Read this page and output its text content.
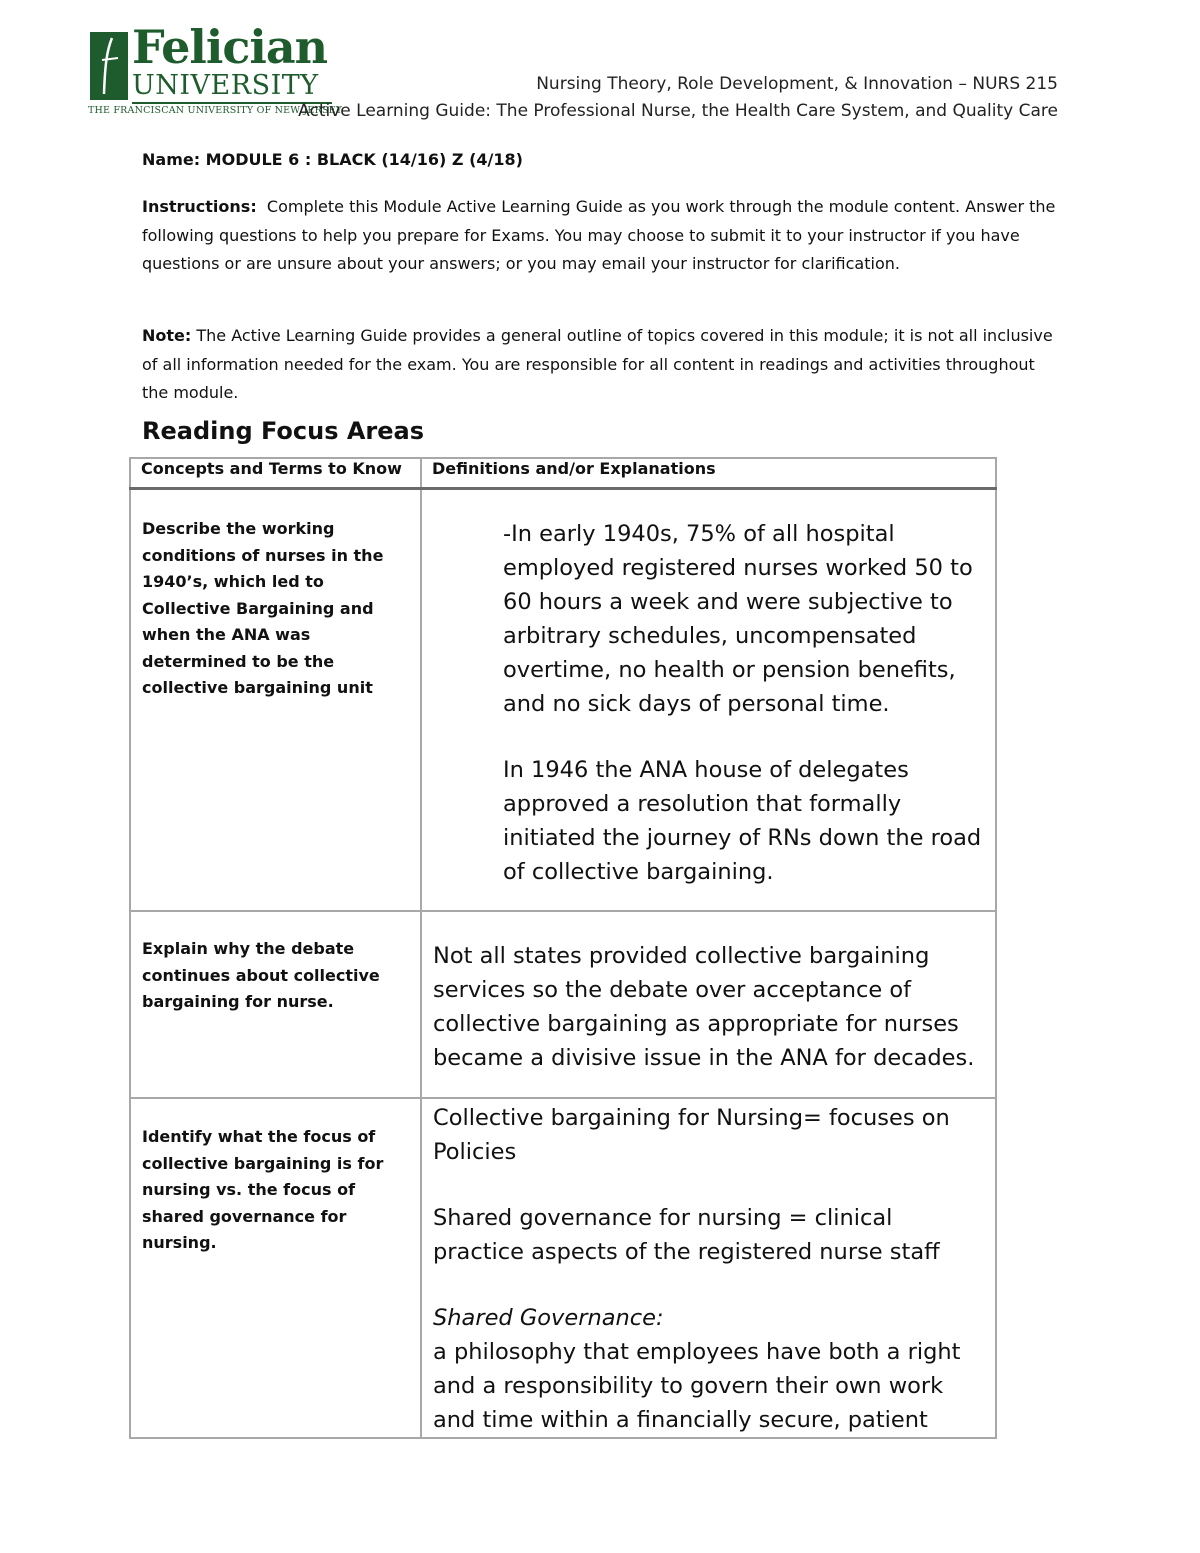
Felician
UNIVERSITY
THE FRANCISCAN UNIVERSITY OF NEW JERSEY
Nursing Theory, Role Development, & Innovation – NURS 215
Active Learning Guide: The Professional Nurse, the Health Care System, and Quality Care
Name: MODULE 6 : BLACK (14/16) Z (4/18)
Instructions: Complete this Module Active Learning Guide as you work through the module content. Answer the following questions to help you prepare for Exams. You may choose to submit it to your instructor if you have questions or are unsure about your answers; or you may email your instructor for clarification.
Note: The Active Learning Guide provides a general outline of topics covered in this module; it is not all inclusive of all information needed for the exam. You are responsible for all content in readings and activities throughout the module.
Reading Focus Areas
Concepts and Terms to Know	Definitions and/or Explanations

Describe the working conditions of nurses in the 1940’s, which led to Collective Bargaining and when the ANA was determined to be the collective bargaining unit	-In early 1940s, 75% of all hospital employed registered nurses worked 50 to 60 hours a week and were subjective to arbitrary schedules, uncompensated overtime, no health or pension benefits, and no sick days of personal time.

In 1946 the ANA house of delegates approved a resolution that formally initiated the journey of RNs down the road of collective bargaining.

Explain why the debate continues about collective bargaining for nurse.	Not all states provided collective bargaining services so the debate over acceptance of collective bargaining as appropriate for nurses became a divisive issue in the ANA for decades.

Identify what the focus of collective bargaining is for nursing vs. the focus of shared governance for nursing.	Collective bargaining for Nursing= focuses on Policies

Shared governance for nursing = clinical practice aspects of the registered nurse staff

Shared Governance:

a philosophy that employees have both a right and a responsibility to govern their own work and time within a financially secure, patient
